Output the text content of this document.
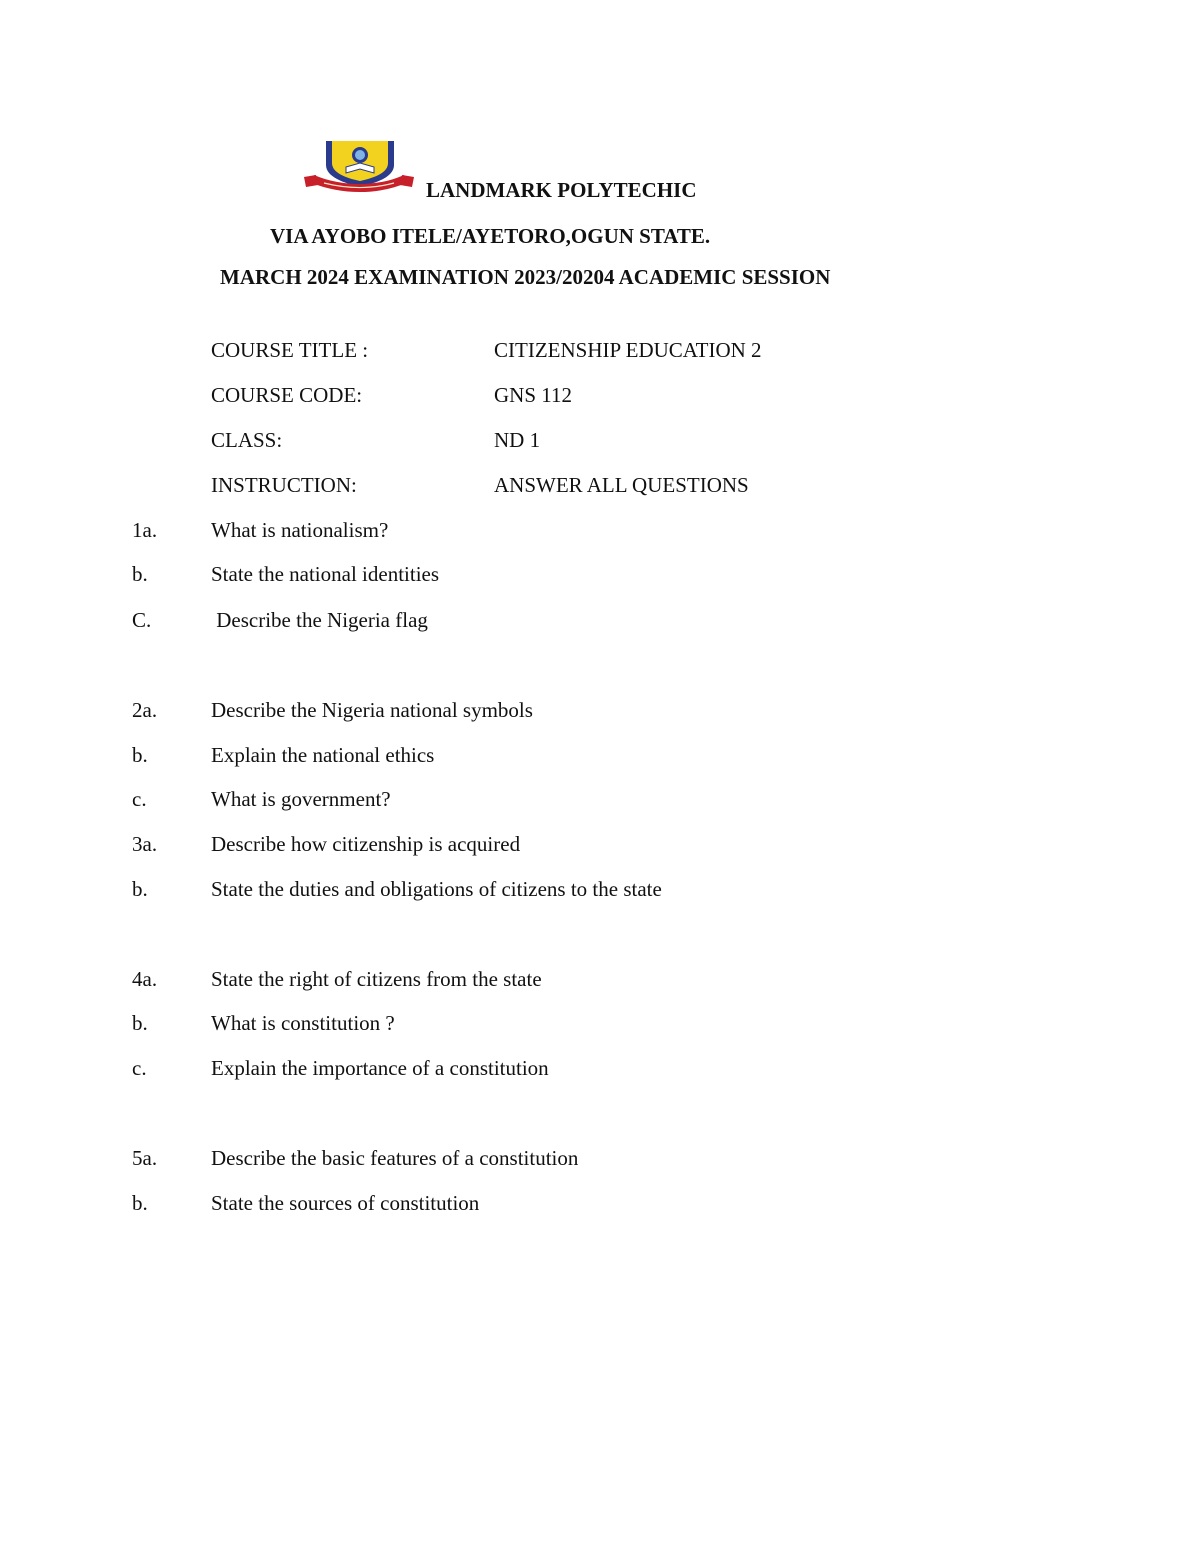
LANDMARK POLYTECHIC
VIA AYOBO ITELE/AYETORO,OGUN STATE.
MARCH 2024 EXAMINATION 2023/20204 ACADEMIC SESSION
COURSE TITLE :	CITIZENSHIP EDUCATION 2
COURSE CODE:	GNS 112
CLASS:	ND 1
INSTRUCTION:	ANSWER ALL QUESTIONS
1a.	What is nationalism?
b.	State the national identities
C.	Describe the Nigeria flag
2a.	Describe the Nigeria national symbols
b.	Explain the national ethics
c.	What is government?
3a.	Describe how citizenship is acquired
b.	State the duties and obligations of citizens to the state
4a.	State the right of citizens from the state
b.	What is constitution ?
c.	Explain the importance of a constitution
5a.	Describe the basic features of a constitution
b.	State the sources of constitution
